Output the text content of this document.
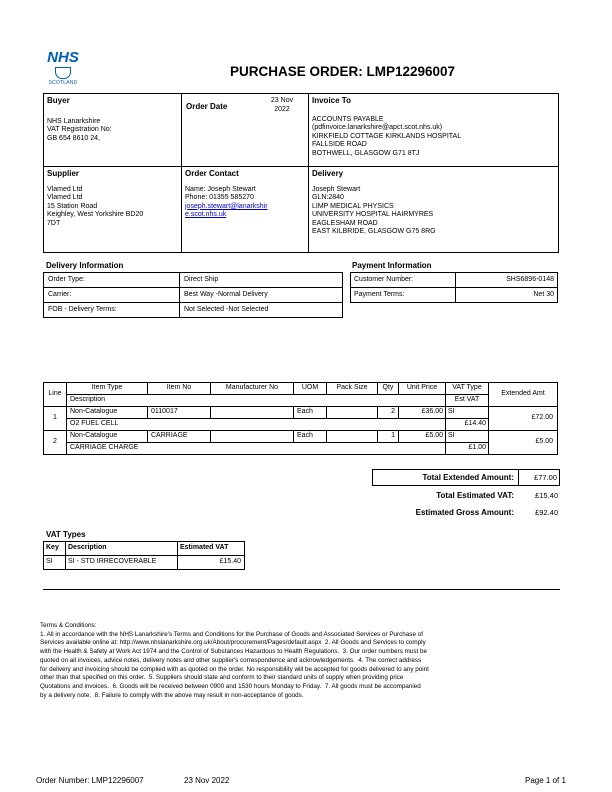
NHS
SCOTLAND
PURCHASE ORDER: LMP12296007
Buyer
NHS Lanarkshire
VAT Registration No:
GB 654 8610 24,
Order Date
23 Nov
2022
Invoice To
ACCOUNTS PAYABLE
(pdfinvoice.lanarkshire@apct.scot.nhs.uk)
KIRKFIELD COTTAGE KIRKLANDS HOSPITAL
FALLSIDE ROAD
BOTHWELL, GLASGOW G71 8TJ
Supplier
Vlamed Ltd
Vlamed Ltd
15 Station Road
Keighley, West Yorkshire BD20
7DT
Order Contact
Name: Joseph Stewart
Phone: 01355 585270
joseph.stewart@lanarkshir
e.scot.nhs.uk
Delivery
Joseph Stewart
GLN:2840
LIMP MEDICAL PHYSICS
UNIVERSITY HOSPITAL HAIRMYRES
EAGLESHAM ROAD
EAST KILBRIDE, GLASGOW G75 8RG
Delivery Information
Order Type:	Direct Ship
Carrier:	Best Way -Normal Delivery
FOB - Delivery Terms:	Not Selected -Not Selected
Payment Information
Customer Number:	SHS6896-0148
Payment Terms:	Net 30
Line	Item Type	Item No	Manufacturer No	UOM	Pack Size	Qty	Unit Price	VAT Type	Extended Amt
	Description							Est VAT	
1	Non-Catalogue	0110017		Each		2	£36.00	SI	£72.00
	O2 FUEL CELL							£14.40	
2	Non-Catalogue	CARRIAGE		Each		1	£5.00	SI	£5.00
	CARRIAGE CHARGE							£1.00	
Total Extended Amount:	£77.00
Total Estimated VAT:	£15.40
Estimated Gross Amount:	£92.40
VAT Types
Key	Description	Estimated VAT
SI	SI - STD IRRECOVERABLE	£15.40
Terms & Conditions:
1. All in accordance with the NHS Lanarkshire's Terms and Conditions for the Purchase of Goods and Associated Services or Purchase of
Services available online at: http://www.nhslanarkshire.org.uk/About/procurement/Pages/default.aspx  2. All Goods and Services to comply
with the Health & Safety at Work Act 1974 and the Control of Substances Hazardous to Health Regulations.  3. Our order numbers must be
quoted on all invoices, advice notes, delivery notes and other supplier's correspondence and acknowledgements.  4. The correct address
for delivery and invoicing should be complied with as quoted on the order. No responsibility will be accepted for goods delivered to any point
other than that specified on this order.  5. Suppliers should state and conform to their standard units of supply when providing price
Quotations and invoices.  6. Goods will be received between 0900 and 1530 hours Monday to Friday.  7. All goods must be accompanied
by a delivery note.  8. Failure to comply with the above may result in non-acceptance of goods.
Order Number: LMP12296007	23 Nov 2022	Page 1 of 1
